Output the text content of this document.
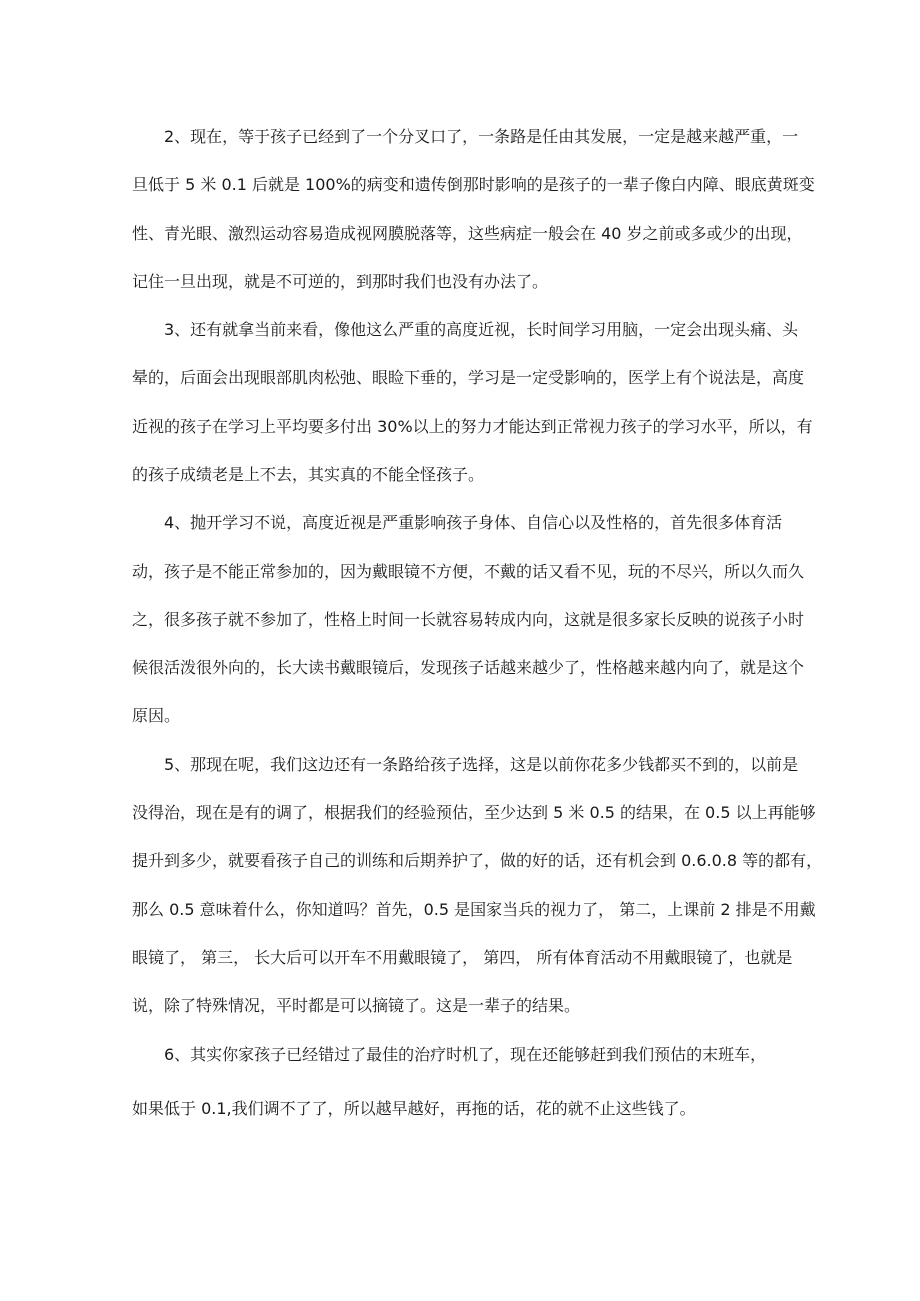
2、现在，等于孩子已经到了一个分叉口了，一条路是任由其发展，一定是越来越严重，一
旦低于 5 米 0.1 后就是 100%的病变和遗传倒那时影响的是孩子的一辈子像白内障、眼底黄斑变
性、青光眼、激烈运动容易造成视网膜脱落等，这些病症一般会在 40 岁之前或多或少的出现，
记住一旦出现，就是不可逆的，到那时我们也没有办法了。
3、还有就拿当前来看，像他这么严重的高度近视，长时间学习用脑，一定会出现头痛、头
晕的，后面会出现眼部肌肉松弛、眼睑下垂的，学习是一定受影响的，医学上有个说法是，高度
近视的孩子在学习上平均要多付出 30%以上的努力才能达到正常视力孩子的学习水平，所以，有
的孩子成绩老是上不去，其实真的不能全怪孩子。
4、抛开学习不说，高度近视是严重影响孩子身体、自信心以及性格的，首先很多体育活
动，孩子是不能正常参加的，因为戴眼镜不方便，不戴的话又看不见，玩的不尽兴，所以久而久
之，很多孩子就不参加了，性格上时间一长就容易转成内向，这就是很多家长反映的说孩子小时
候很活泼很外向的，长大读书戴眼镜后，发现孩子话越来越少了，性格越来越内向了，就是这个
原因。
5、那现在呢，我们这边还有一条路给孩子选择，这是以前你花多少钱都买不到的，以前是
没得治，现在是有的调了，根据我们的经验预估，至少达到 5 米 0.5 的结果，在 0.5 以上再能够
提升到多少，就要看孩子自己的训练和后期养护了，做的好的话，还有机会到 0.6.0.8 等的都有，
那么 0.5 意味着什么，你知道吗？首先，0.5 是国家当兵的视力了， 第二，上课前 2 排是不用戴
眼镜了， 第三， 长大后可以开车不用戴眼镜了， 第四， 所有体育活动不用戴眼镜了，也就是
说，除了特殊情况，平时都是可以摘镜了。这是一辈子的结果。
6、其实你家孩子已经错过了最佳的治疗时机了，现在还能够赶到我们预估的末班车，
如果低于 0.1,我们调不了了，所以越早越好，再拖的话，花的就不止这些钱了。
